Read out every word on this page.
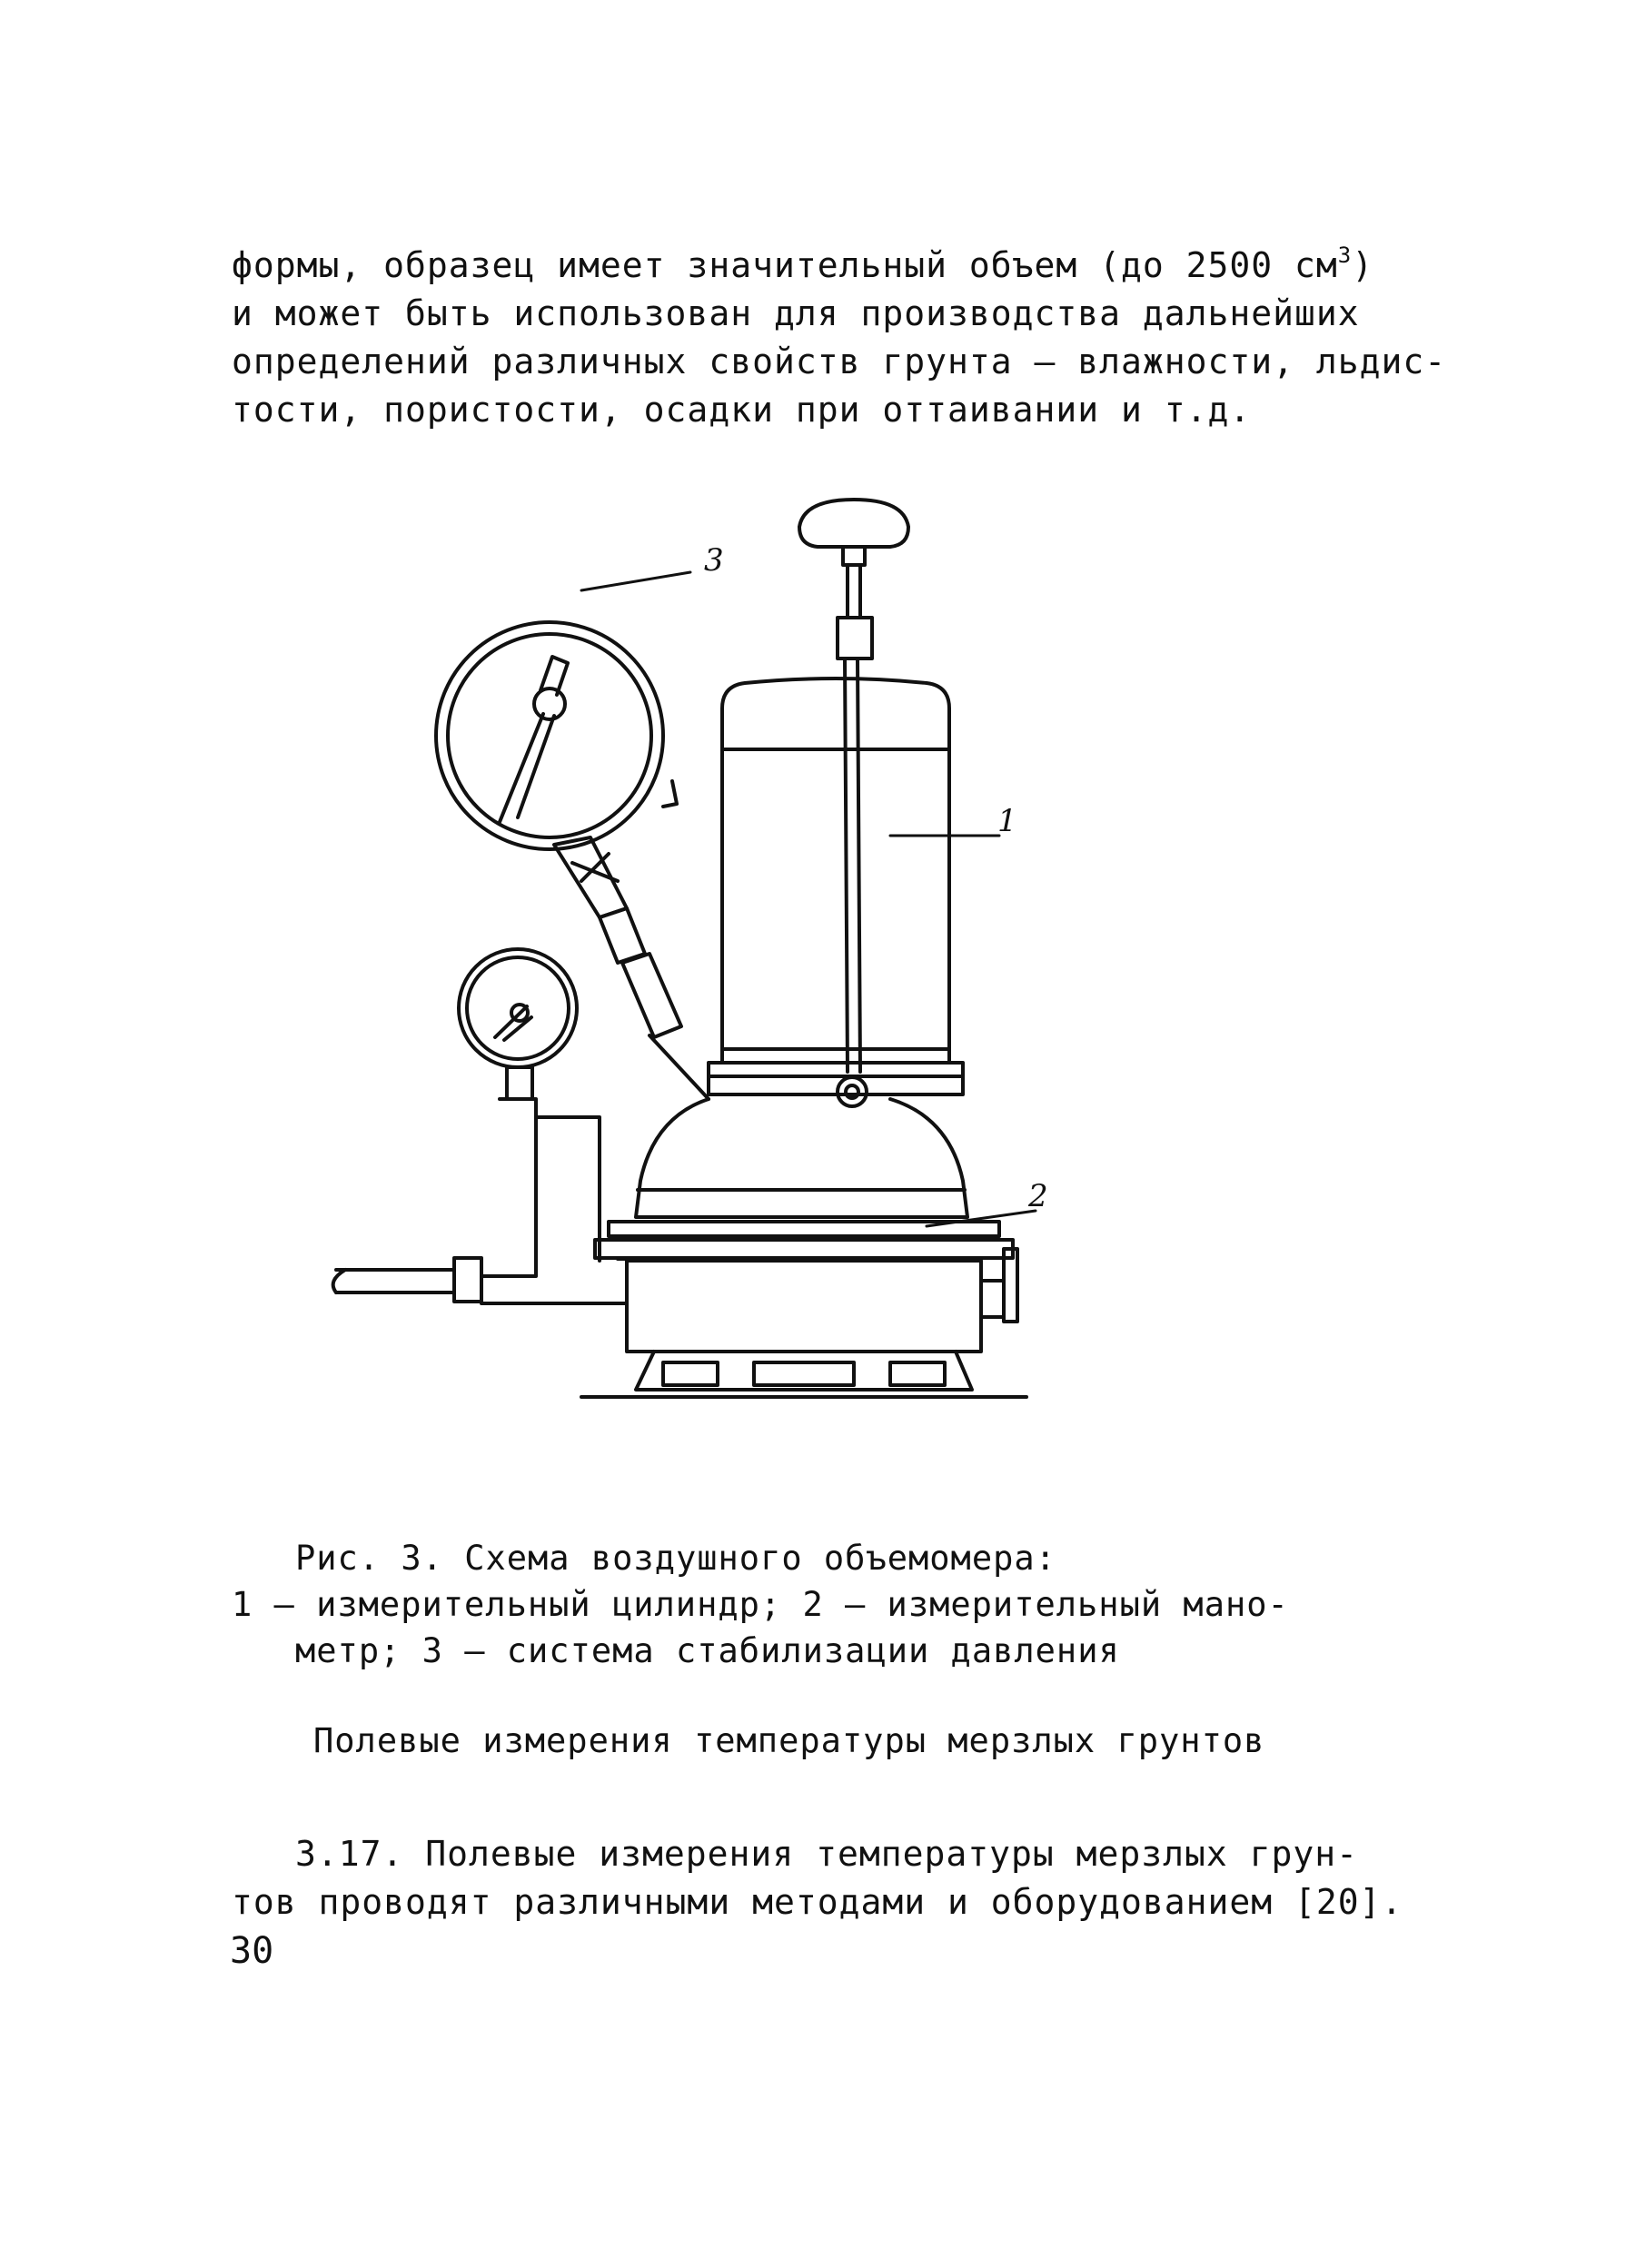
формы, образец имеет значительный объем (до 2500 $см^3$)
и может быть использован для производства дальнейших
определений различных свойств грунта – влажности, льдис-
тости, пористости, осадки при оттаивании и т.д.
3
1
2
Рис. 3. Схема воздушного объемомера:
1 – измерительный цилиндр; 2 – измерительный мано-
метр; 3 – система стабилизации давления
Полевые измерения температуры мерзлых грунтов
3.17. Полевые измерения температуры мерзлых грун-
тов проводят различными методами и оборудованием [20].
30
